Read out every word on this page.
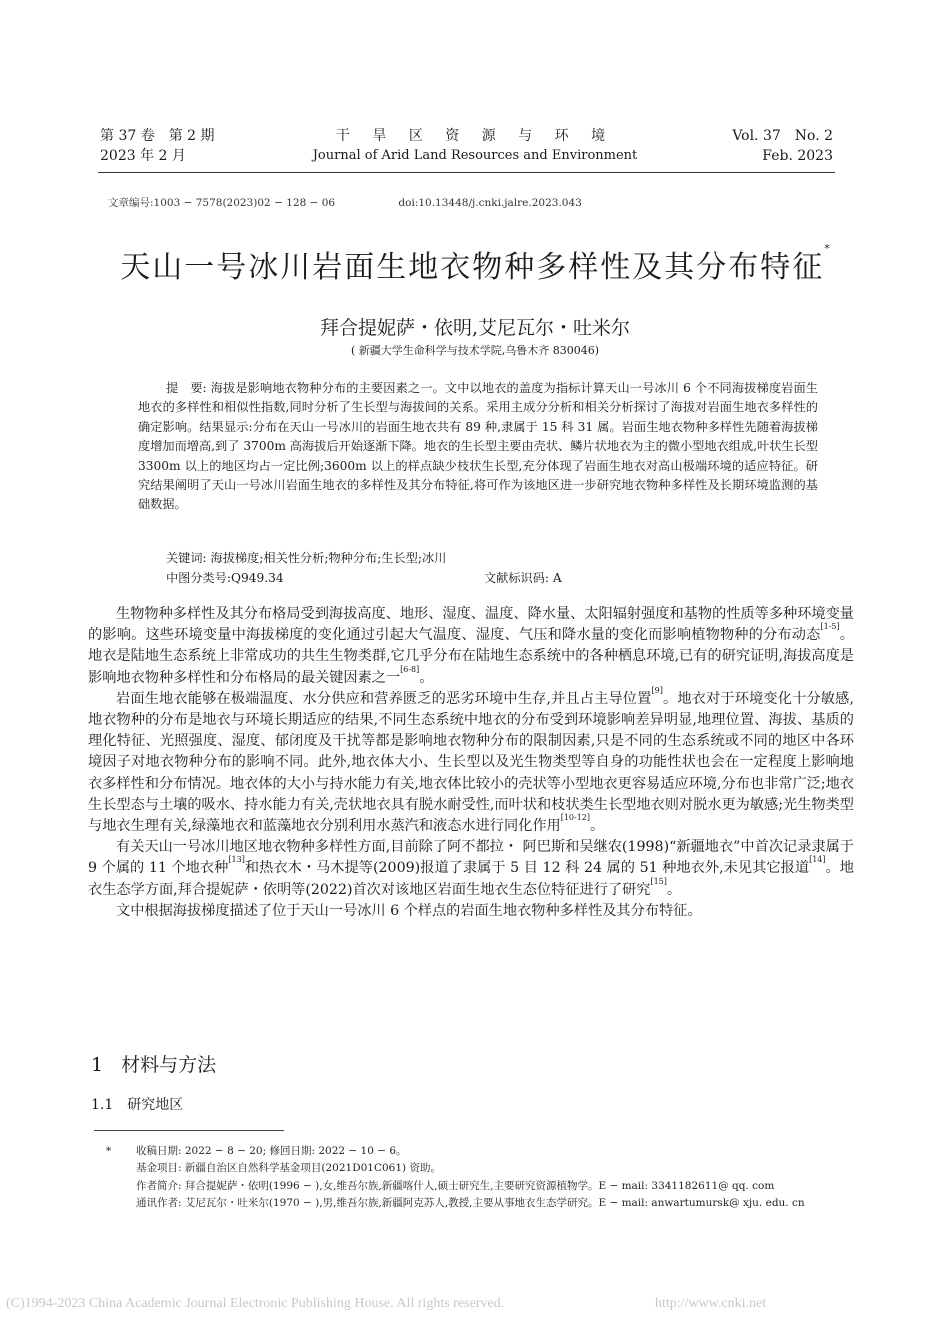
第 37 卷　第 2 期
2023 年 2 月
干 旱 区 资 源 与 环 境
Journal of Arid Land Resources and Environment
Vol. 37　No. 2
Feb. 2023
文章编号:1003 − 7578(2023)02 − 128 − 06	doi:10.13448/j.cnki.jalre.2023.043
天山一号冰川岩面生地衣物种多样性及其分布特征*
拜合提妮萨・依明,艾尼瓦尔・吐米尔
( 新疆大学生命科学与技术学院,乌鲁木齐 830046)
提　要: 海拔是影响地衣物种分布的主要因素之一。文中以地衣的盖度为指标计算天山一号冰川 6 个不同海拔梯度岩面生地衣的多样性和相似性指数,同时分析了生长型与海拔间的关系。采用主成分分析和相关分析探讨了海拔对岩面生地衣多样性的确定影响。结果显示:分布在天山一号冰川的岩面生地衣共有 89 种,隶属于 15 科 31 属。岩面生地衣物种多样性先随着海拔梯度增加而增高,到了 3700m 高海拔后开始逐渐下降。地衣的生长型主要由壳状、鳞片状地衣为主的微小型地衣组成,叶状生长型 3300m 以上的地区均占一定比例;3600m 以上的样点缺少枝状生长型,充分体现了岩面生地衣对高山极端环境的适应特征。研究结果阐明了天山一号冰川岩面生地衣的多样性及其分布特征,将可作为该地区进一步研究地衣物种多样性及长期环境监测的基础数据。
关键词: 海拔梯度;相关性分析;物种分布;生长型;冰川
中图分类号:Q949.34	文献标识码: A

生物物种多样性及其分布格局受到海拔高度、地形、湿度、温度、降水量、太阳辐射强度和基物的性质等多种环境变量的影响。这些环境变量中海拔梯度的变化通过引起大气温度、湿度、气压和降水量的变化而影响植物物种的分布动态[1-5]。地衣是陆地生态系统上非常成功的共生生物类群,它几乎分布在陆地生态系统中的各种栖息环境,已有的研究证明,海拔高度是影响地衣物种多样性和分布格局的最关键因素之一[6-8]。

岩面生地衣能够在极端温度、水分供应和营养匮乏的恶劣环境中生存,并且占主导位置[9]。地衣对于环境变化十分敏感,地衣物种的分布是地衣与环境长期适应的结果,不同生态系统中地衣的分布受到环境影响差异明显,地理位置、海拔、基质的理化特征、光照强度、湿度、郁闭度及干扰等都是影响地衣物种分布的限制因素,只是不同的生态系统或不同的地区中各环境因子对地衣物种分布的影响不同。此外,地衣体大小、生长型以及光生物类型等自身的功能性状也会在一定程度上影响地衣多样性和分布情况。地衣体的大小与持水能力有关,地衣体比较小的壳状等小型地衣更容易适应环境,分布也非常广泛;地衣生长型态与土壤的吸水、持水能力有关,壳状地衣具有脱水耐受性,而叶状和枝状类生长型地衣则对脱水更为敏感;光生物类型与地衣生理有关,绿藻地衣和蓝藻地衣分别利用水蒸汽和液态水进行同化作用[10-12]。

有关天山一号冰川地区地衣物种多样性方面,目前除了阿不都拉・ 阿巴斯和吴继农(1998)“新疆地衣”中首次记录隶属于 9 个属的 11 个地衣种[13]和热衣木・马木提等(2009)报道了隶属于 5 目 12 科 24 属的 51 种地衣外,未见其它报道[14]。地衣生态学方面,拜合提妮萨・依明等(2022)首次对该地区岩面生地衣生态位特征进行了研究[15]。

文中根据海拔梯度描述了位于天山一号冰川 6 个样点的岩面生地衣物种多样性及其分布特征。

1 材料与方法
1.1 研究地区
* 收稿日期: 2022 − 8 − 20; 修回日期: 2022 − 10 − 6。
基金项目: 新疆自治区自然科学基金项目(2021D01C061) 资助。
作者简介: 拜合提妮萨・依明(1996 − ),女,维吾尔族,新疆喀什人,硕士研究生,主要研究资源植物学。E − mail: 3341182611@ qq. com
通讯作者: 艾尼瓦尔・吐米尔(1970 − ),男,维吾尔族,新疆阿克苏人,教授,主要从事地衣生态学研究。E − mail: anwartumursk@ xju. edu. cn
(C)1994-2023 China Academic Journal Electronic Publishing House. All rights reserved.	http://www.cnki.net
